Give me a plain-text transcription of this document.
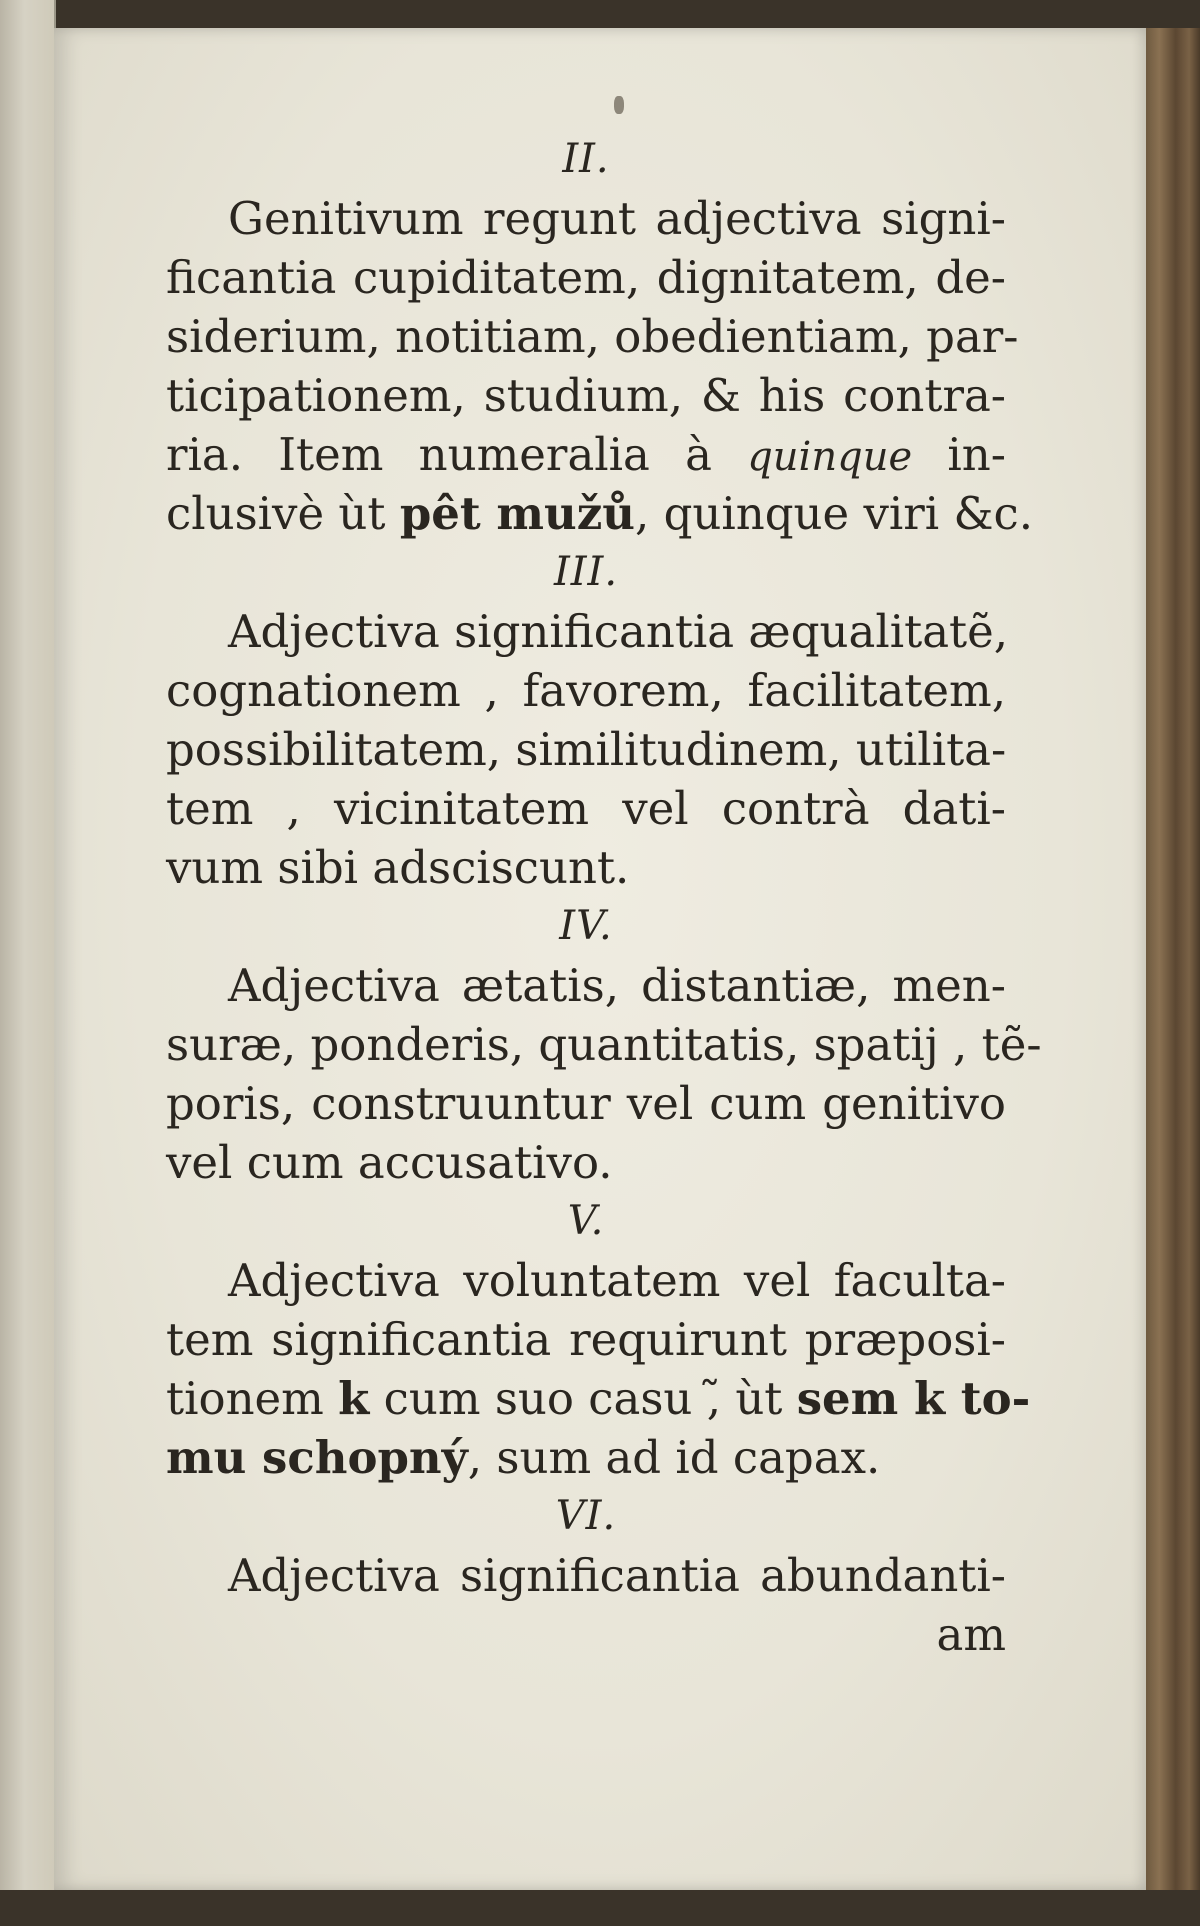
II.
Genitivum regunt adjectiva signi-
ficantia cupiditatem, dignitatem, de-
siderium, notitiam, obedientiam, par-
ticipationem, studium, & his contra-
ria. Item numeralia à quinque in-
clusivè ùt pêt mužů, quinque viri &c.
III.
Adjectiva significantia æqualitatẽ,
cognationem , favorem, facilitatem,
possibilitatem, similitudinem, utilita-
tem , vicinitatem vel contrà dati-
vum sibi adsciscunt.
IV.
Adjectiva ætatis, distantiæ, men-
suræ, ponderis, quantitatis, spatij , tẽ-
poris, construuntur vel cum genitivo
vel cum accusativo.
V.
Adjectiva voluntatem vel faculta-
tem significantia requirunt præposi-
tionem k cum suo casu ,̃ ùt sem k to-
mu schopný, sum ad id capax.
VI.
Adjectiva significantia abundanti-
am
